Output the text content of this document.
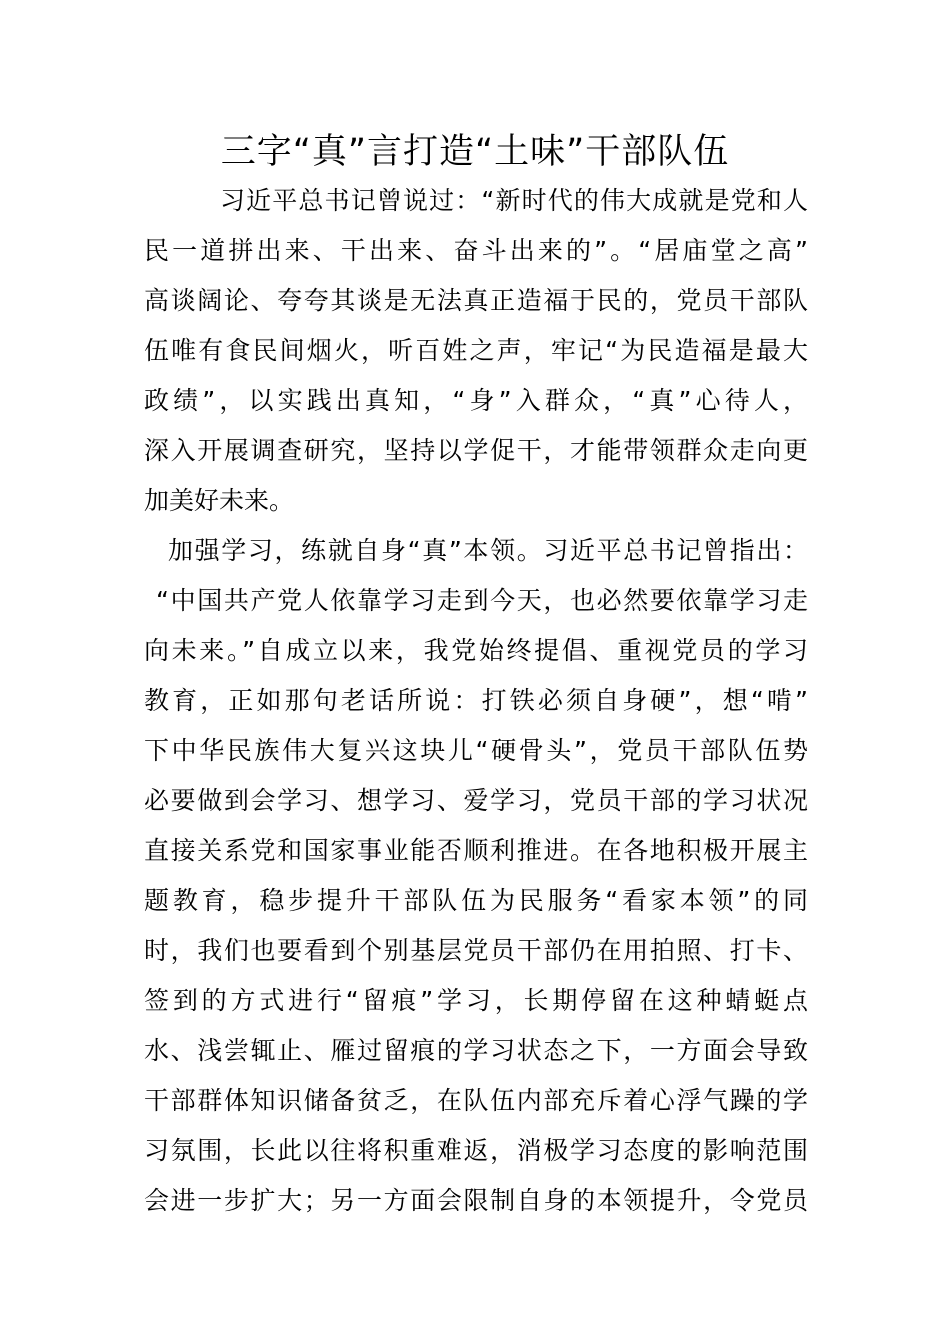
三字“真”言打造“土味”干部队伍
习近平总书记曾说过：“新时代的伟大成就是党和人
民一道拼出来、干出来、奋斗出来的”。“居庙堂之高”
高谈阔论、夸夸其谈是无法真正造福于民的，党员干部队
伍唯有食民间烟火，听百姓之声，牢记“为民造福是最大
政绩”，以实践出真知，“身”入群众，“真”心待人，
深入开展调查研究，坚持以学促干，才能带领群众走向更
加美好未来。
加强学习，练就自身“真”本领。习近平总书记曾指出：
“中国共产党人依靠学习走到今天，也必然要依靠学习走
向未来。”自成立以来，我党始终提倡、重视党员的学习
教育，正如那句老话所说：打铁必须自身硬”，想“啃”
下中华民族伟大复兴这块儿“硬骨头”，党员干部队伍势
必要做到会学习、想学习、爱学习，党员干部的学习状况
直接关系党和国家事业能否顺利推进。在各地积极开展主
题教育，稳步提升干部队伍为民服务“看家本领”的同
时，我们也要看到个别基层党员干部仍在用拍照、打卡、
签到的方式进行“留痕”学习，长期停留在这种蜻蜓点
水、浅尝辄止、雁过留痕的学习状态之下，一方面会导致
干部群体知识储备贫乏，在队伍内部充斥着心浮气躁的学
习氛围，长此以往将积重难返，消极学习态度的影响范围
会进一步扩大；另一方面会限制自身的本领提升，令党员
